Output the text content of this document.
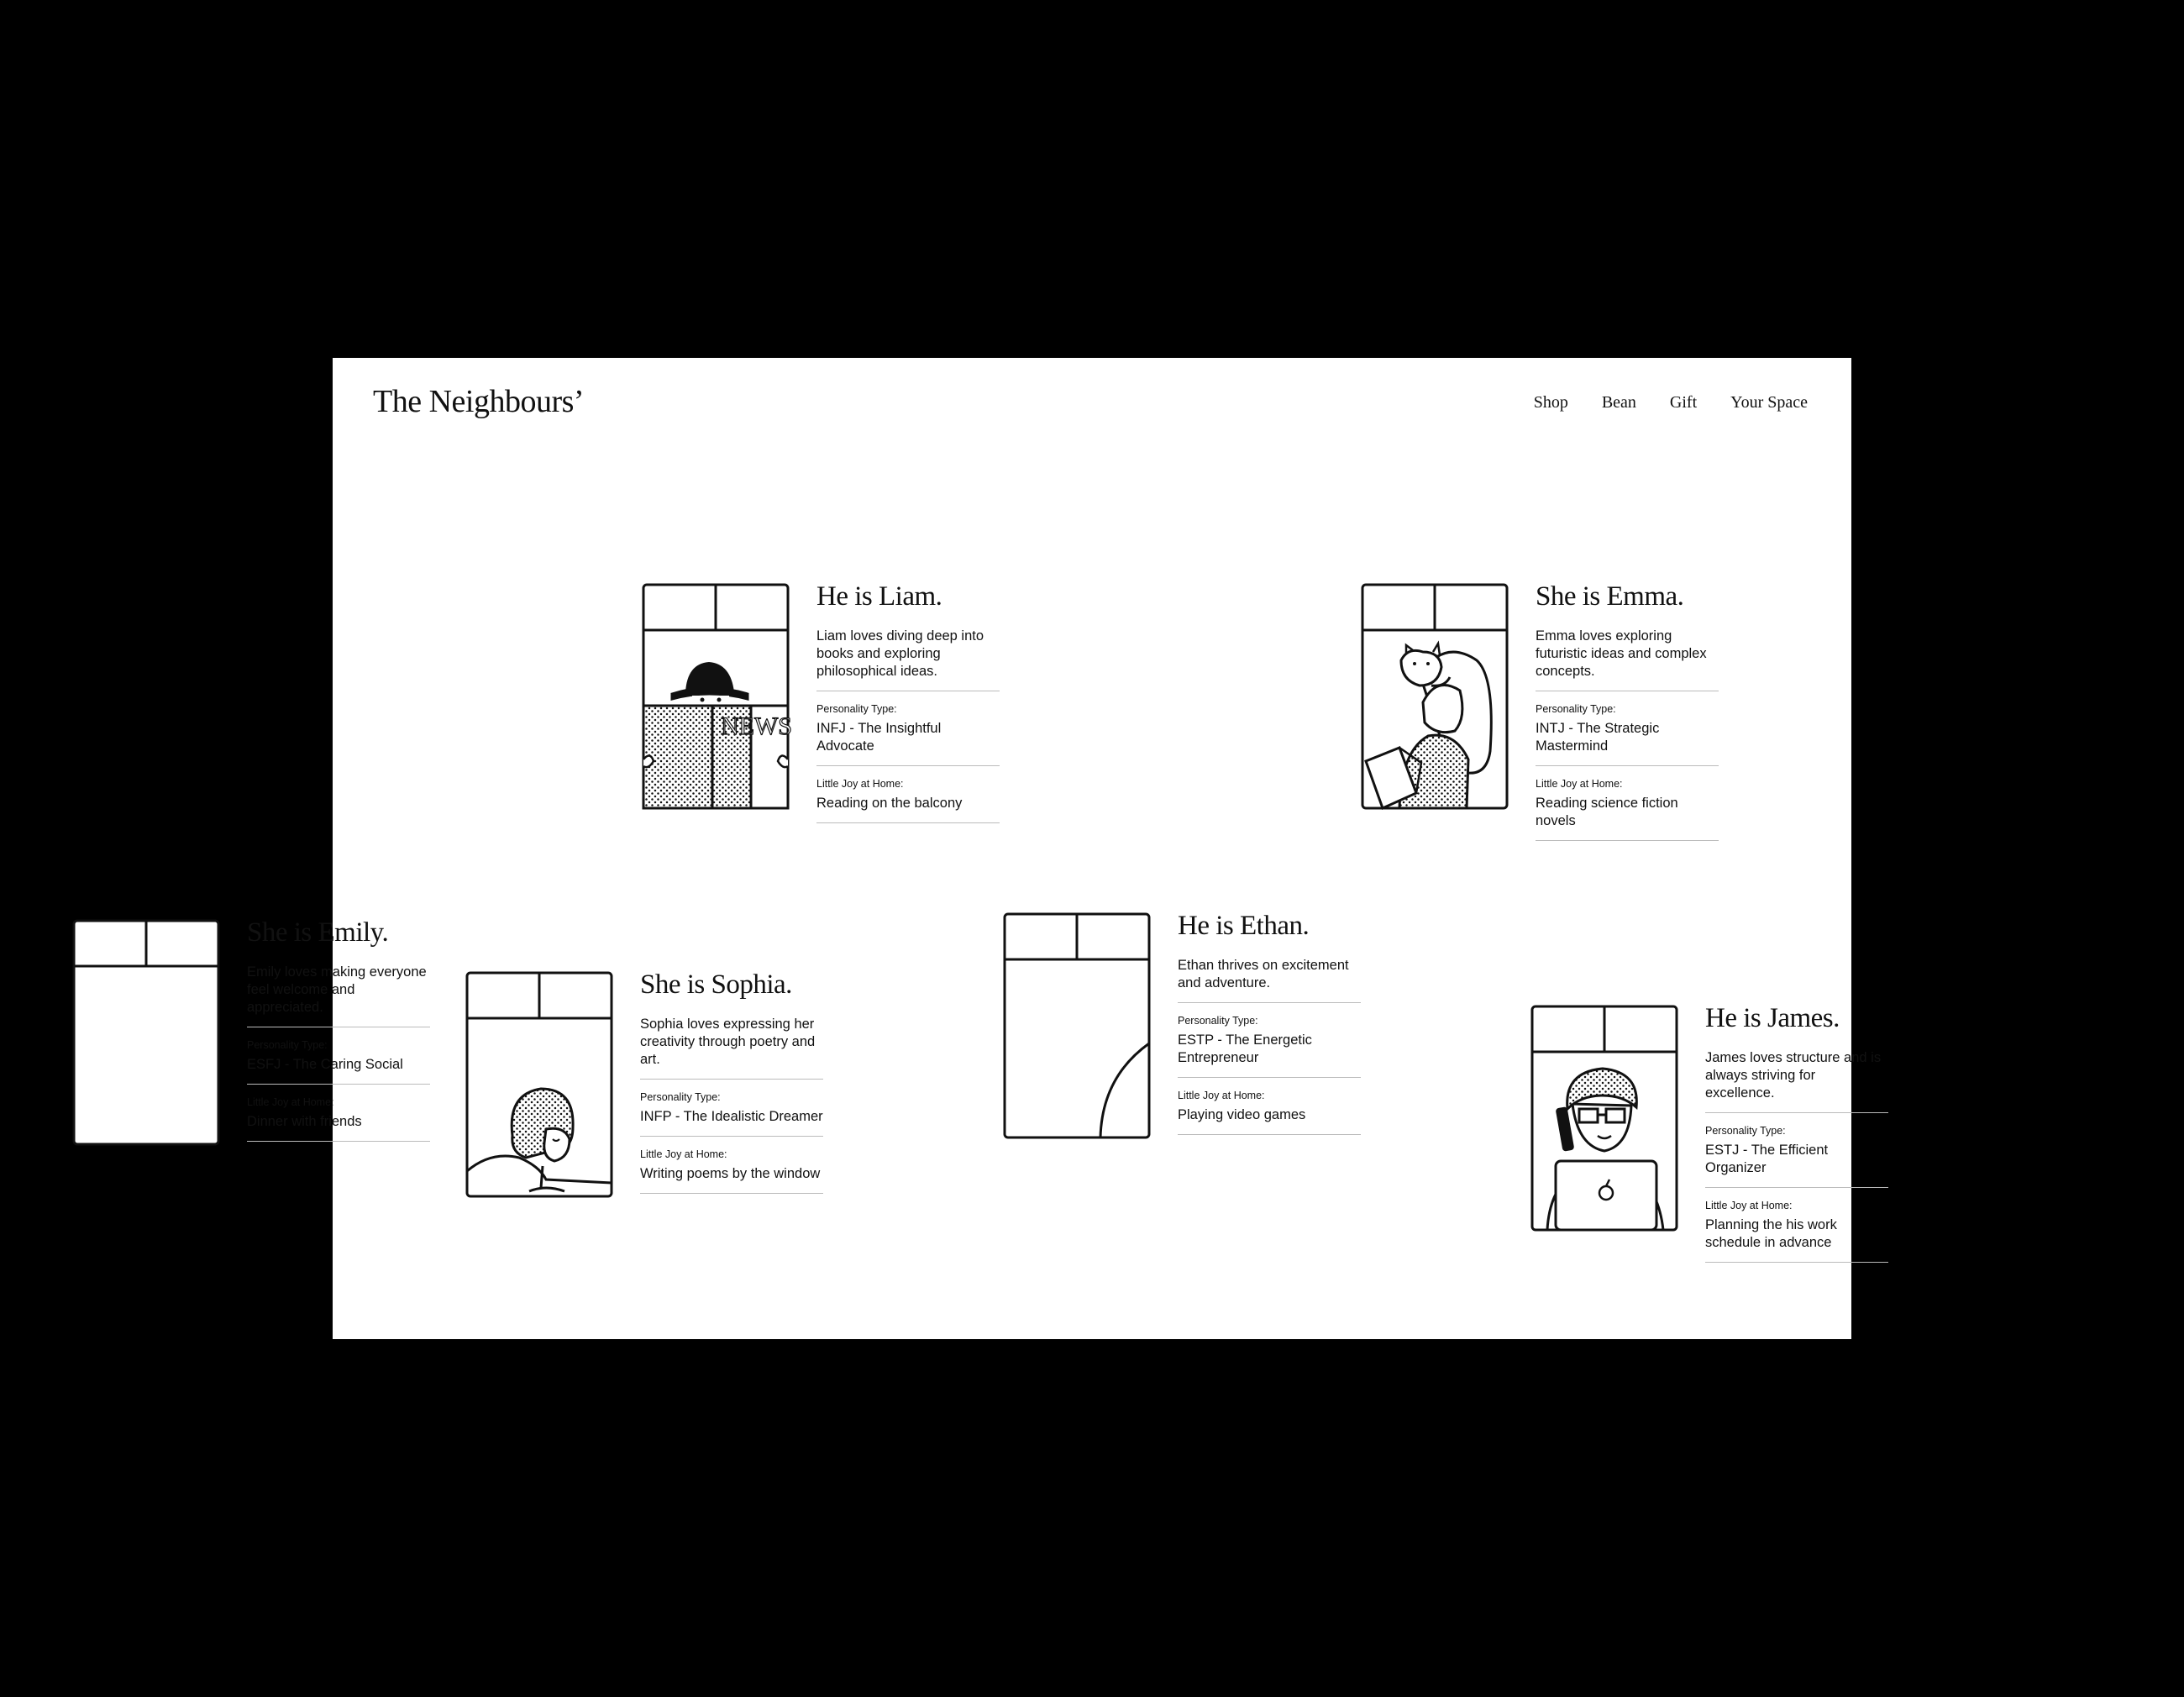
The Neighbours’	Shop Bean Gift Your Space
She is Emily.

Emily loves making everyone feel welcome and appreciated.

Personality Type:

ESFJ - The Caring Social

Little Joy at Home:

Dinner with friends

NEWS
He is Liam.

Liam loves diving deep into books and exploring philosophical ideas.

Personality Type:

INFJ - The Insightful Advocate

Little Joy at Home:

Reading on the balcony

She is Emma.

Emma loves exploring futuristic ideas and complex concepts.

Personality Type:

INTJ - The Strategic Mastermind

Little Joy at Home:

Reading science fiction novels

She is Sophia.

Sophia loves expressing her creativity through poetry and art.

Personality Type:

INFP - The Idealistic Dreamer

Little Joy at Home:

Writing poems by the window

He is Ethan.

Ethan thrives on excitement and adventure.

Personality Type:

ESTP - The Energetic Entrepreneur

Little Joy at Home:

Playing video games

He is James.

James loves structure and is always striving for excellence.

Personality Type:

ESTJ - The Efficient Organizer

Little Joy at Home:

Planning the his work schedule in advance
